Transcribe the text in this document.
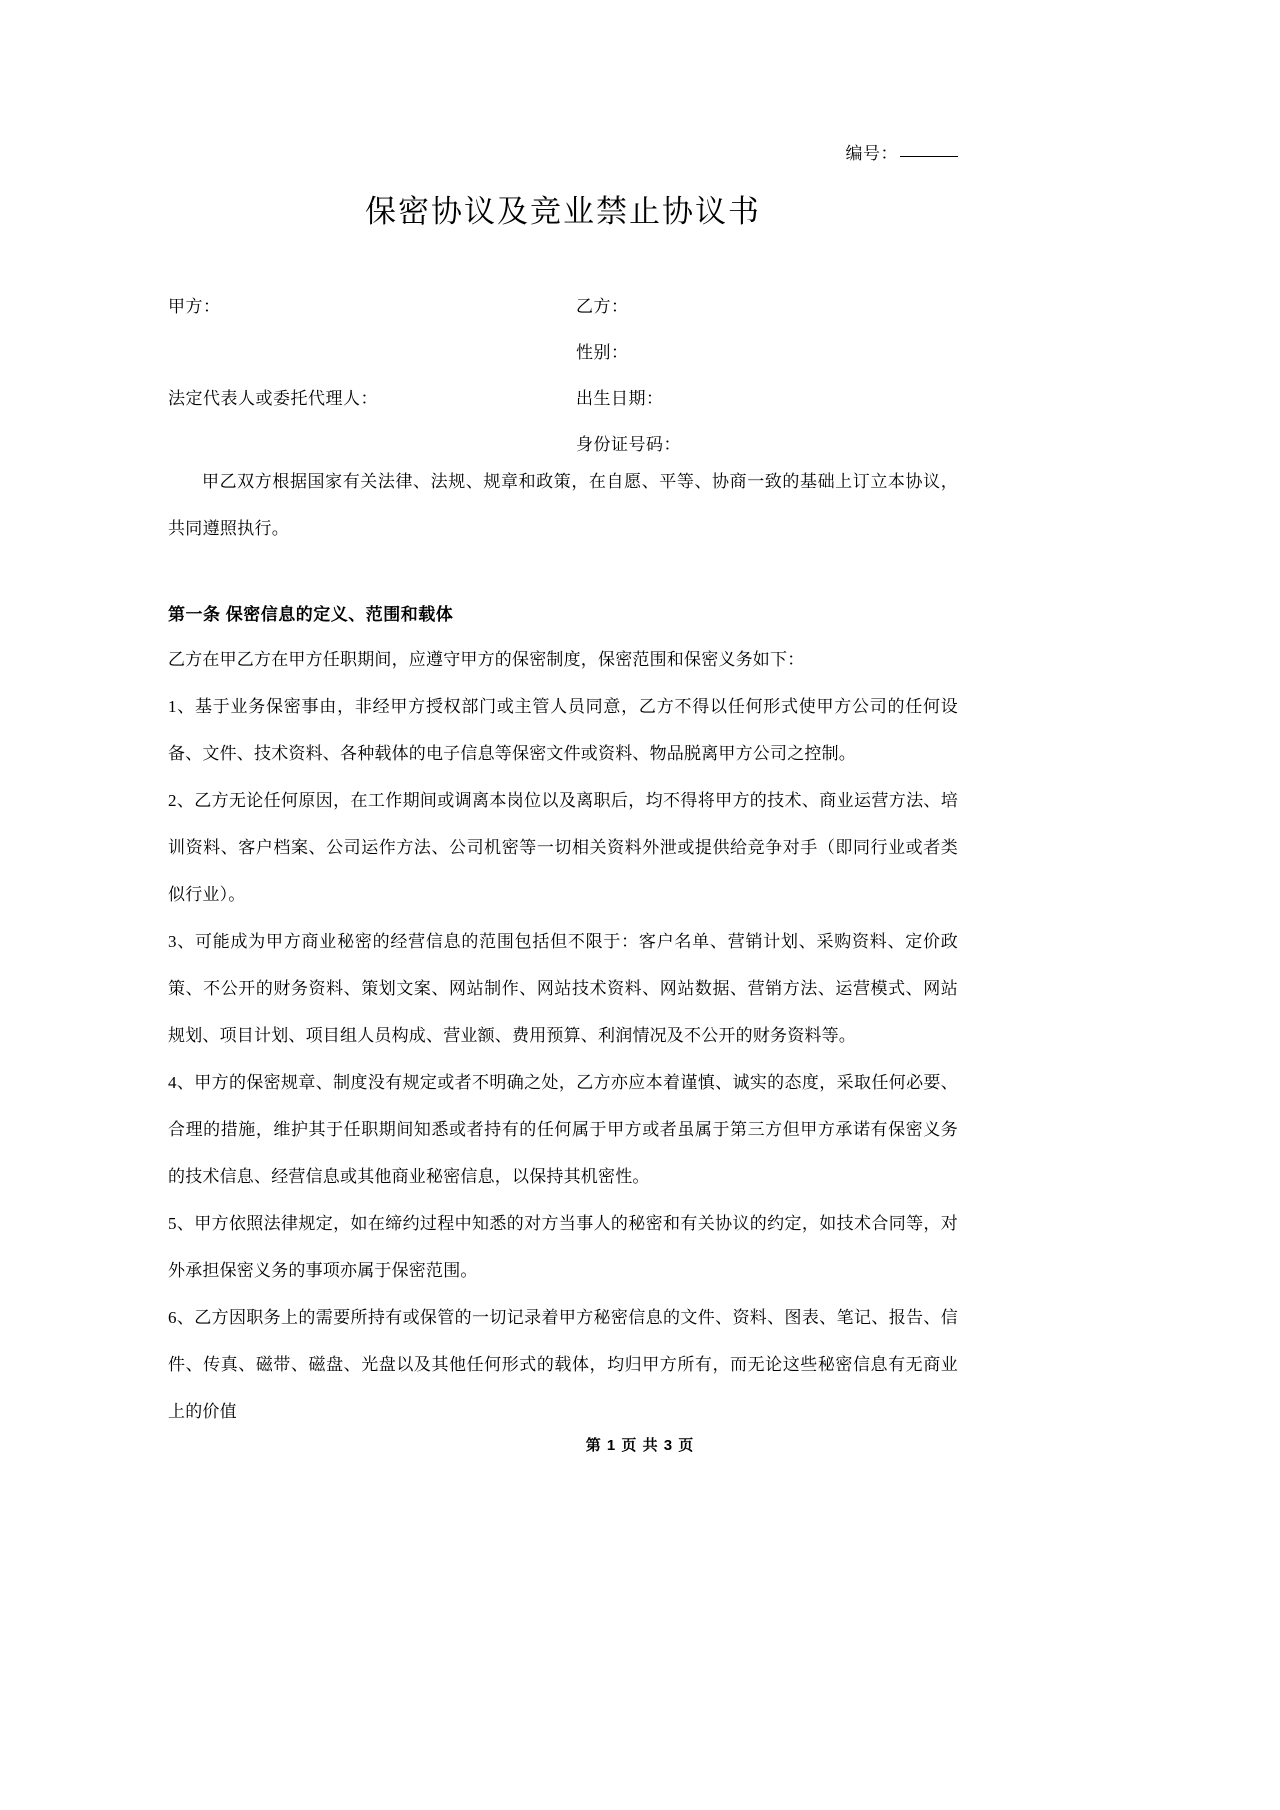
编号：
保密协议及竞业禁止协议书
甲方：
法定代表人或委托代理人：
乙方：
性别：
出生日期：
身份证号码：

甲乙双方根据国家有关法律、法规、规章和政策，在自愿、平等、协商一致的基础上订立本协议，共同遵照执行。

第一条 保密信息的定义、范围和载体

乙方在甲乙方在甲方任职期间，应遵守甲方的保密制度，保密范围和保密义务如下：

1、基于业务保密事由，非经甲方授权部门或主管人员同意，乙方不得以任何形式使甲方公司的任何设备、文件、技术资料、各种载体的电子信息等保密文件或资料、物品脱离甲方公司之控制。

2、乙方无论任何原因，在工作期间或调离本岗位以及离职后，均不得将甲方的技术、商业运营方法、培训资料、客户档案、公司运作方法、公司机密等一切相关资料外泄或提供给竞争对手（即同行业或者类似行业）。

3、可能成为甲方商业秘密的经营信息的范围包括但不限于：客户名单、营销计划、采购资料、定价政策、不公开的财务资料、策划文案、网站制作、网站技术资料、网站数据、营销方法、运营模式、网站规划、项目计划、项目组人员构成、营业额、费用预算、利润情况及不公开的财务资料等。

4、甲方的保密规章、制度没有规定或者不明确之处，乙方亦应本着谨慎、诚实的态度，采取任何必要、合理的措施，维护其于任职期间知悉或者持有的任何属于甲方或者虽属于第三方但甲方承诺有保密义务的技术信息、经营信息或其他商业秘密信息，以保持其机密性。

5、甲方依照法律规定，如在缔约过程中知悉的对方当事人的秘密和有关协议的约定，如技术合同等，对外承担保密义务的事项亦属于保密范围。

6、乙方因职务上的需要所持有或保管的一切记录着甲方秘密信息的文件、资料、图表、笔记、报告、信件、传真、磁带、磁盘、光盘以及其他任何形式的载体，均归甲方所有，而无论这些秘密信息有无商业上的价值

第 1 页 共 3 页
